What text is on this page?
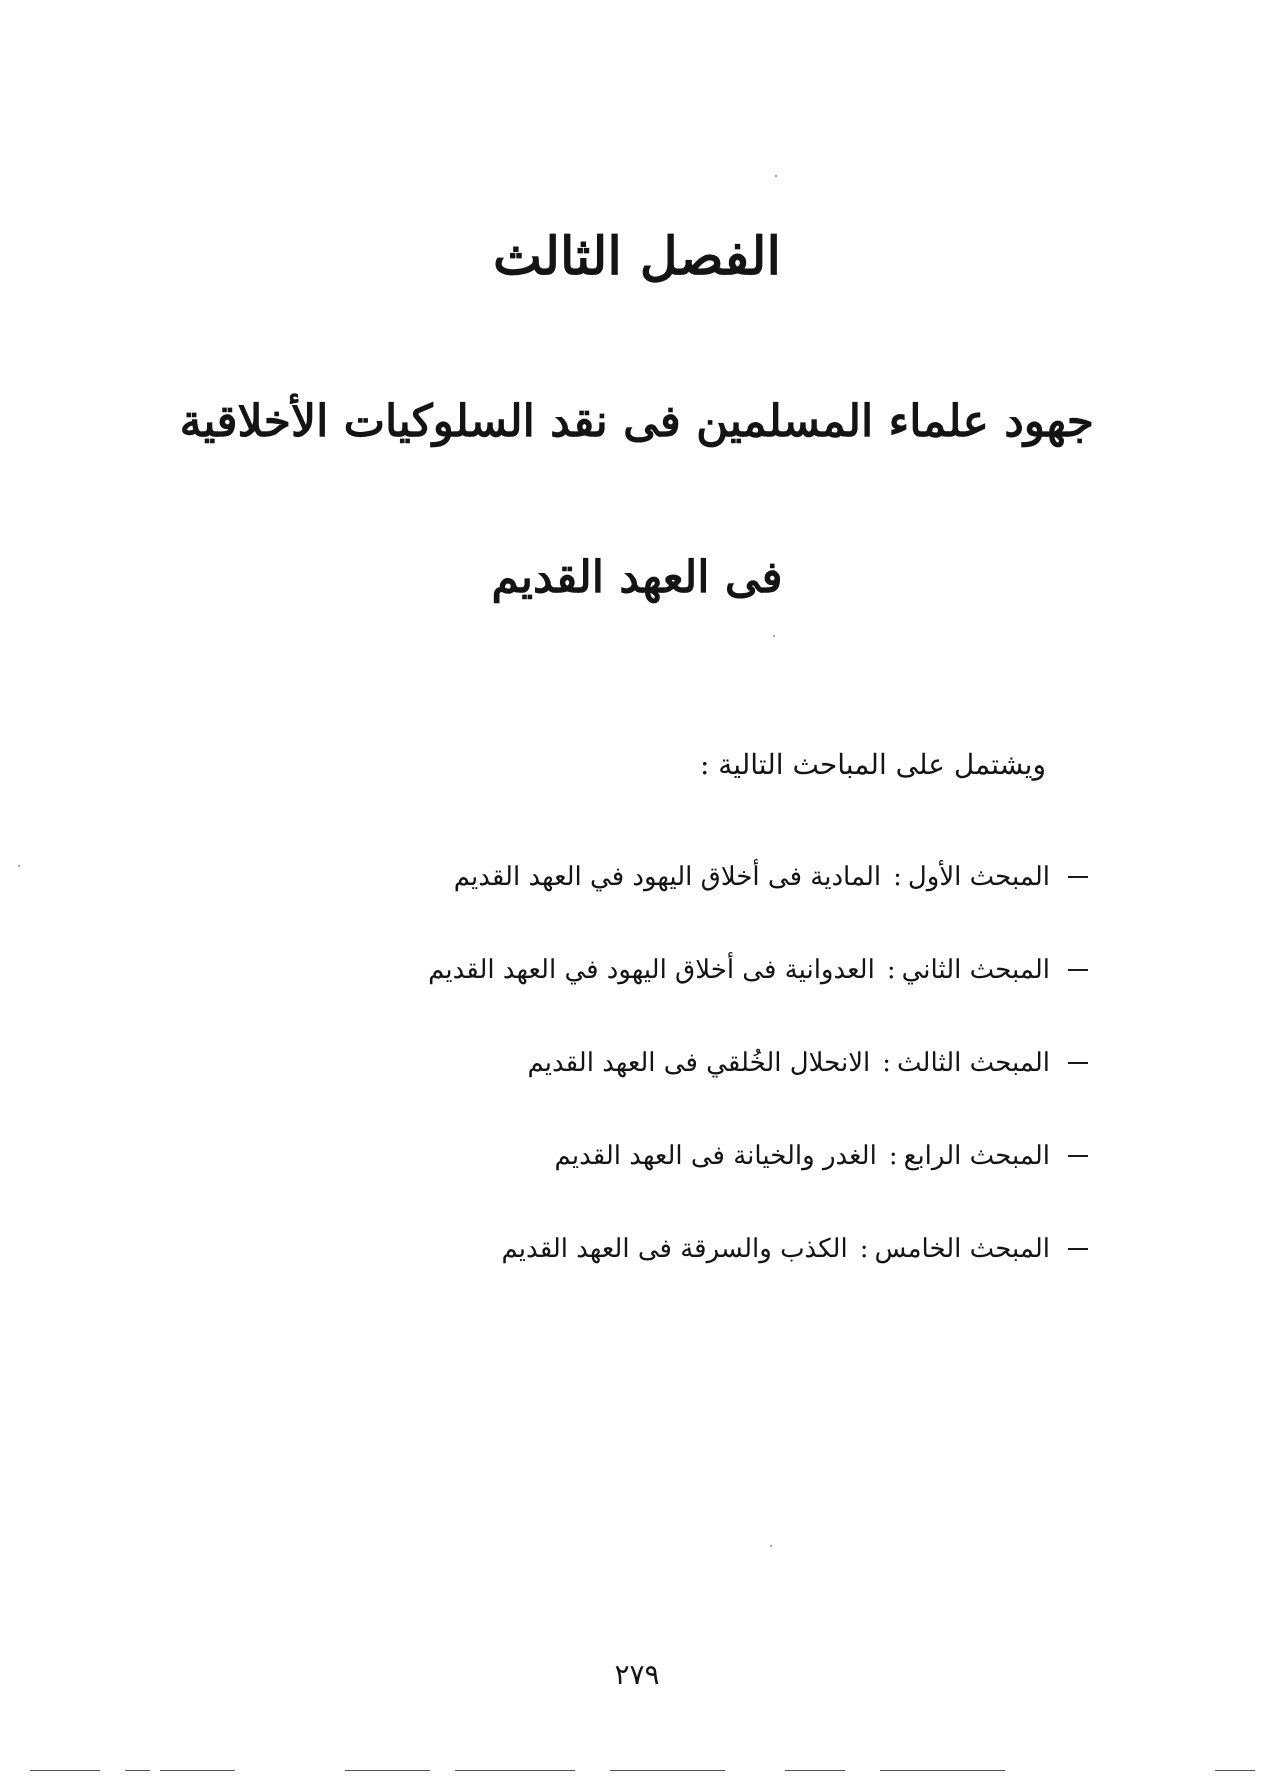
الفصل الثالث
جهود علماء المسلمين فى نقد السلوكيات الأخلاقية
فى العهد القديم
ويشتمل على المباحث التالية :
المبحث الأول
:
المادية فى أخلاق اليهود في العهد القديم
المبحث الثاني
:
العدوانية فى أخلاق اليهود في العهد القديم
المبحث الثالث
:
الانحلال الخُلقي فى العهد القديم
المبحث الرابع
:
الغدر والخيانة فى العهد القديم
المبحث الخامس
:
الكذب والسرقة فى العهد القديم
٢٧٩
